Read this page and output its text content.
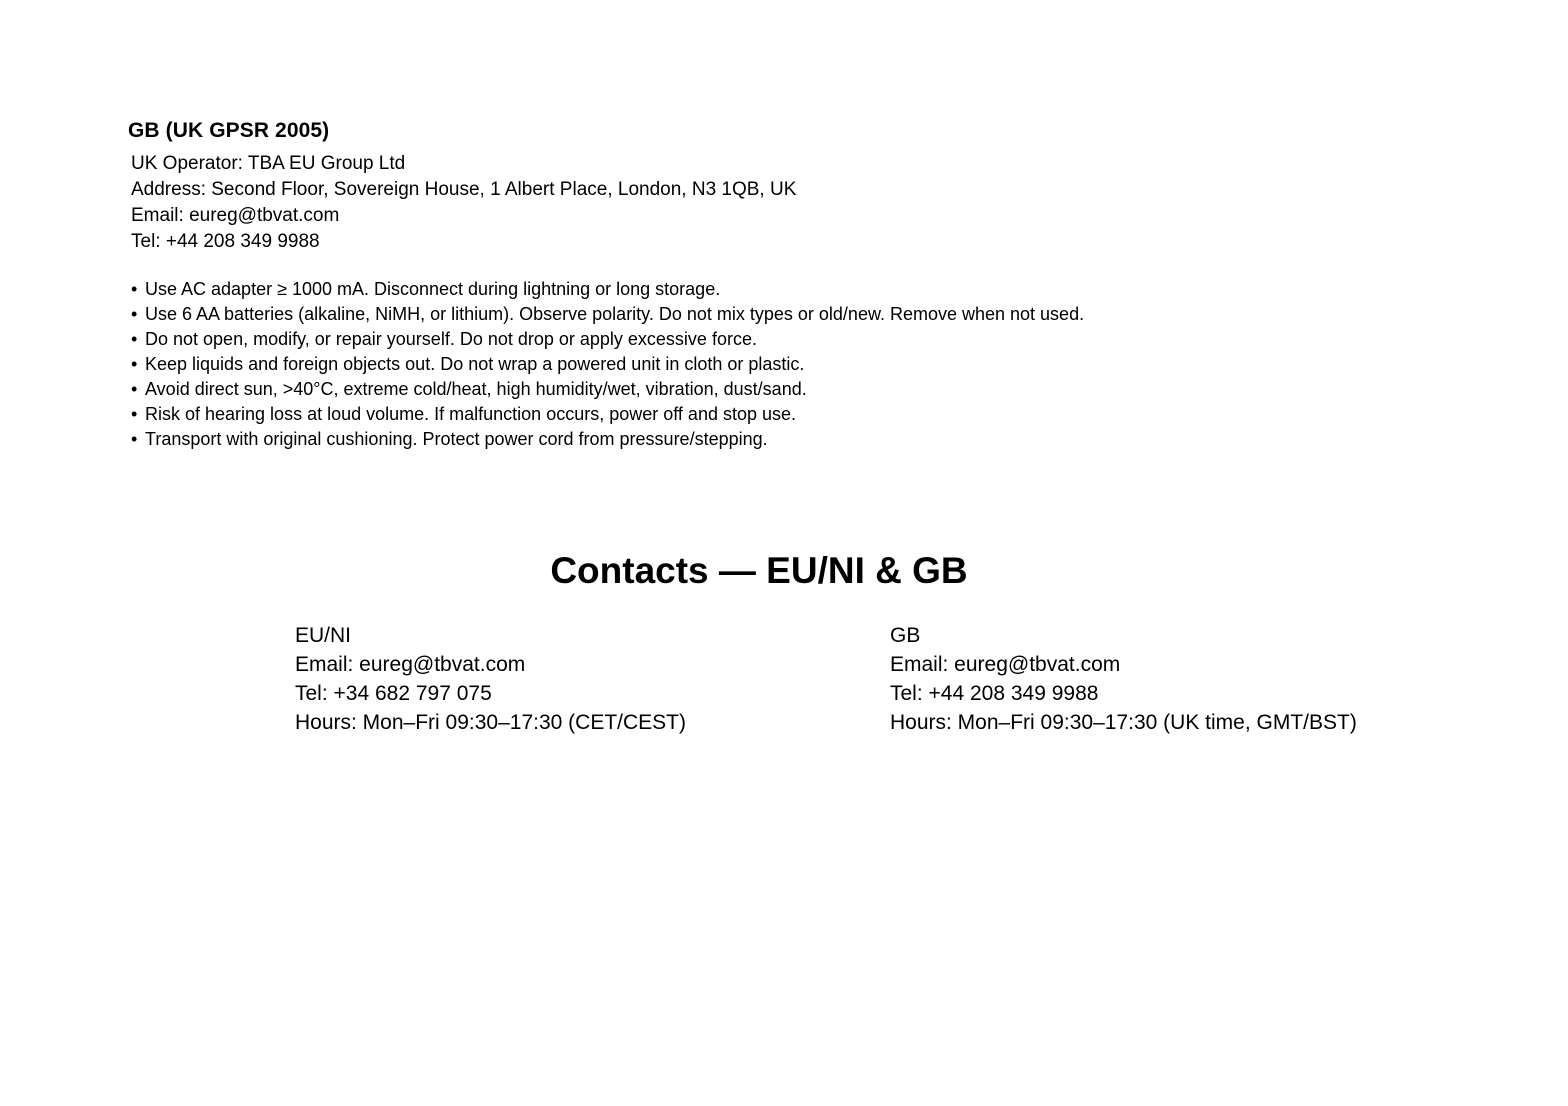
GB (UK GPSR 2005)
UK Operator: TBA EU Group Ltd
Address: Second Floor, Sovereign House, 1 Albert Place, London, N3 1QB, UK
Email: eureg@tbvat.com
Tel: +44 208 349 9988
• Use AC adapter ≥ 1000 mA. Disconnect during lightning or long storage.
• Use 6 AA batteries (alkaline, NiMH, or lithium). Observe polarity. Do not mix types or old/new. Remove when not used.
• Do not open, modify, or repair yourself. Do not drop or apply excessive force.
• Keep liquids and foreign objects out. Do not wrap a powered unit in cloth or plastic.
• Avoid direct sun, >40°C, extreme cold/heat, high humidity/wet, vibration, dust/sand.
• Risk of hearing loss at loud volume. If malfunction occurs, power off and stop use.
• Transport with original cushioning. Protect power cord from pressure/stepping.
Contacts — EU/NI & GB
EU/NI
Email: eureg@tbvat.com
Tel: +34 682 797 075
Hours: Mon–Fri 09:30–17:30 (CET/CEST)
GB
Email: eureg@tbvat.com
Tel: +44 208 349 9988
Hours: Mon–Fri 09:30–17:30 (UK time, GMT/BST)
